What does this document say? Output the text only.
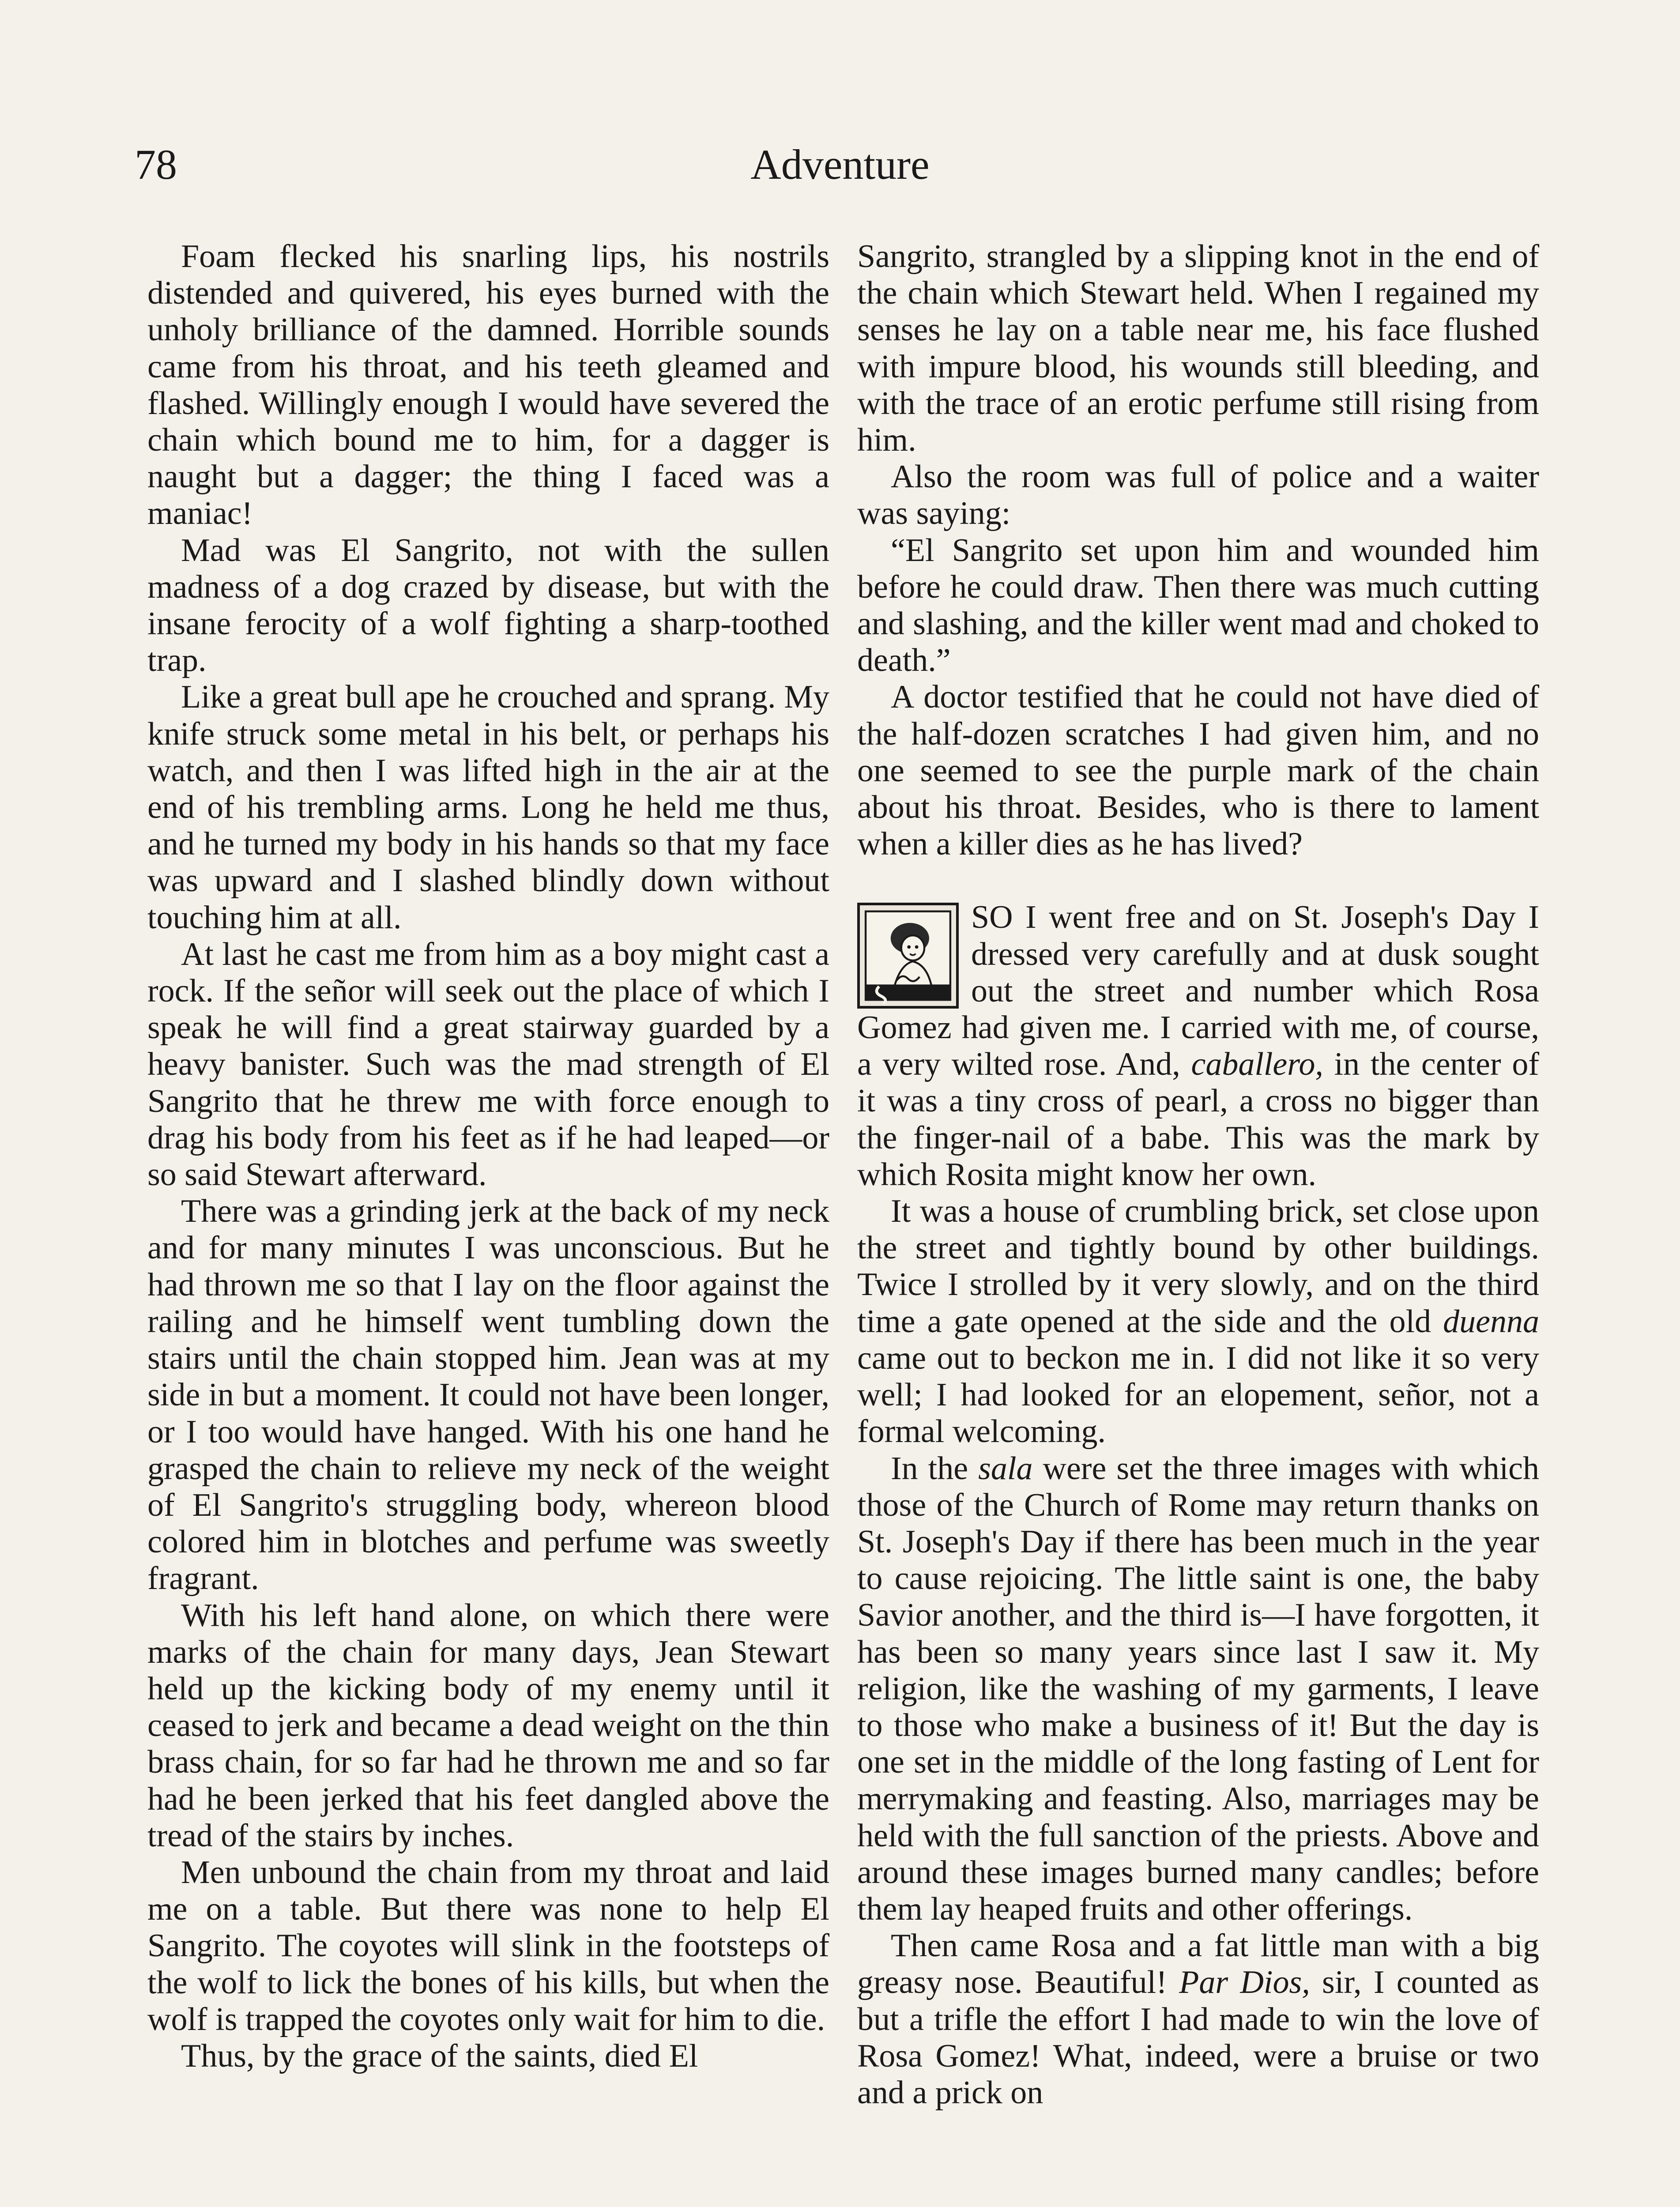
78	Adventure

Foam flecked his snarling lips, his nostrils distended and quivered, his eyes burned with the unholy brilliance of the damned. Horrible sounds came from his throat, and his teeth gleamed and flashed. Willingly enough I would have severed the chain which bound me to him, for a dagger is naught but a dagger; the thing I faced was a maniac!

Mad was El Sangrito, not with the sullen madness of a dog crazed by disease, but with the insane ferocity of a wolf fighting a sharp-toothed trap.

Like a great bull ape he crouched and sprang. My knife struck some metal in his belt, or perhaps his watch, and then I was lifted high in the air at the end of his trembling arms. Long he held me thus, and he turned my body in his hands so that my face was upward and I slashed blindly down without touching him at all.

At last he cast me from him as a boy might cast a rock. If the señor will seek out the place of which I speak he will find a great stairway guarded by a heavy banister. Such was the mad strength of El Sangrito that he threw me with force enough to drag his body from his feet as if he had leaped—or so said Stewart afterward.

There was a grinding jerk at the back of my neck and for many minutes I was unconscious. But he had thrown me so that I lay on the floor against the railing and he himself went tumbling down the stairs until the chain stopped him. Jean was at my side in but a moment. It could not have been longer, or I too would have hanged. With his one hand he grasped the chain to relieve my neck of the weight of El Sangrito's struggling body, whereon blood colored him in blotches and perfume was sweetly fragrant.

With his left hand alone, on which there were marks of the chain for many days, Jean Stewart held up the kicking body of my enemy until it ceased to jerk and became a dead weight on the thin brass chain, for so far had he thrown me and so far had he been jerked that his feet dangled above the tread of the stairs by inches.

Men unbound the chain from my throat and laid me on a table. But there was none to help El Sangrito. The coyotes will slink in the footsteps of the wolf to lick the bones of his kills, but when the wolf is trapped the coyotes only wait for him to die.

Thus, by the grace of the saints, died El

Sangrito, strangled by a slipping knot in the end of the chain which Stewart held. When I regained my senses he lay on a table near me, his face flushed with impure blood, his wounds still bleeding, and with the trace of an erotic perfume still rising from him.

Also the room was full of police and a waiter was saying:

“El Sangrito set upon him and wounded him before he could draw. Then there was much cutting and slashing, and the killer went mad and choked to death.”

A doctor testified that he could not have died of the half-dozen scratches I had given him, and no one seemed to see the purple mark of the chain about his throat. Besides, who is there to lament when a killer dies as he has lived?

SO I went free and on St. Joseph's Day I dressed very carefully and at dusk sought out the street and number which Rosa Gomez had given me. I carried with me, of course, a very wilted rose. And, caballero, in the center of it was a tiny cross of pearl, a cross no bigger than the finger-nail of a babe. This was the mark by which Rosita might know her own.

It was a house of crumbling brick, set close upon the street and tightly bound by other buildings. Twice I strolled by it very slowly, and on the third time a gate opened at the side and the old duenna came out to beckon me in. I did not like it so very well; I had looked for an elopement, señor, not a formal welcoming.

In the sala were set the three images with which those of the Church of Rome may return thanks on St. Joseph's Day if there has been much in the year to cause rejoicing. The little saint is one, the baby Savior another, and the third is—I have forgotten, it has been so many years since last I saw it. My religion, like the washing of my garments, I leave to those who make a business of it! But the day is one set in the middle of the long fasting of Lent for merrymaking and feasting. Also, marriages may be held with the full sanction of the priests. Above and around these images burned many candles; before them lay heaped fruits and other offerings.

Then came Rosa and a fat little man with a big greasy nose. Beautiful! Par Dios, sir, I counted as but a trifle the effort I had made to win the love of Rosa Gomez! What, indeed, were a bruise or two and a prick on
